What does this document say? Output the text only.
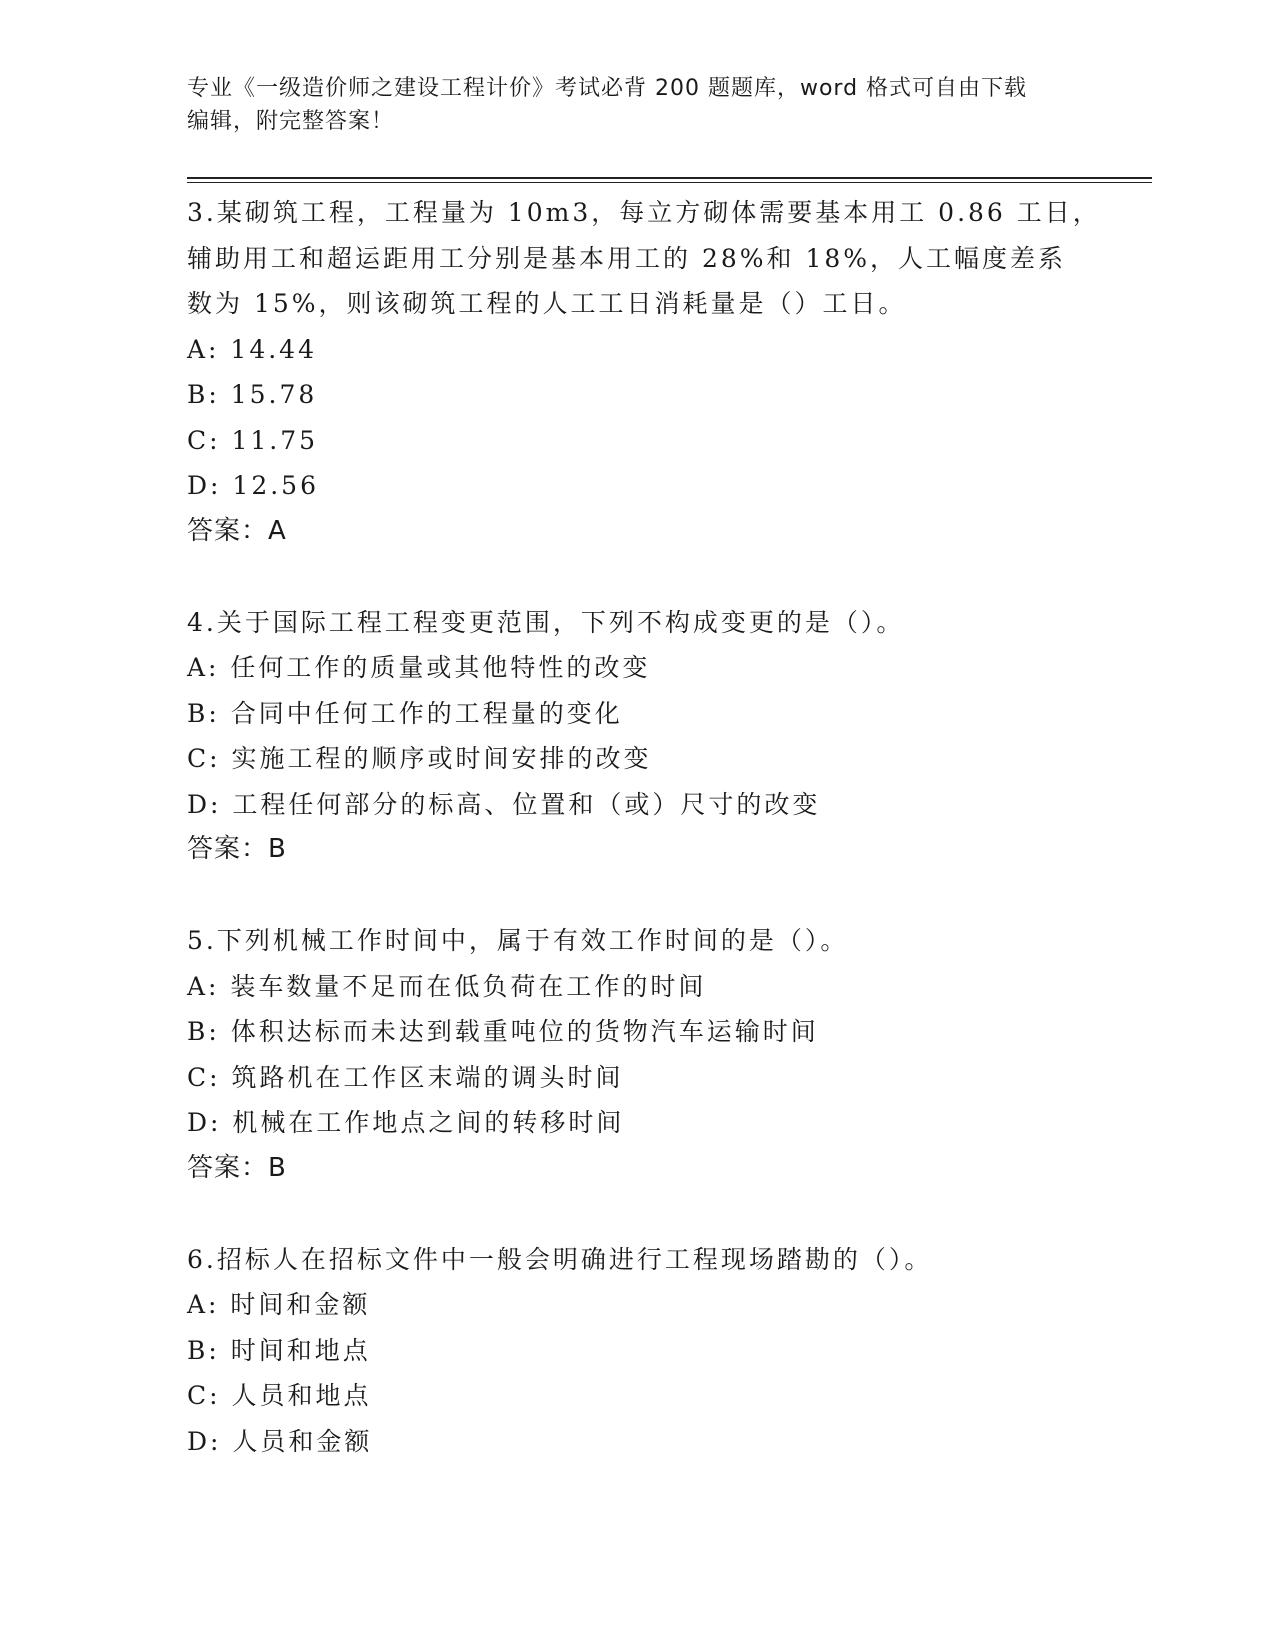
专业《一级造价师之建设工程计价》考试必背 200 题题库，word 格式可自由下载
编辑，附完整答案！
3.某砌筑工程，工程量为 10m3，每立方砌体需要基本用工 0.86 工日，
辅助用工和超运距用工分别是基本用工的 28%和 18%，人工幅度差系
数为 15%，则该砌筑工程的人工工日消耗量是（）工日。
A: 14.44
B: 15.78
C: 11.75
D: 12.56
答案：A
4.关于国际工程工程变更范围，下列不构成变更的是（）。
A: 任何工作的质量或其他特性的改变
B: 合同中任何工作的工程量的变化
C: 实施工程的顺序或时间安排的改变
D: 工程任何部分的标高、位置和（或）尺寸的改变
答案：B
5.下列机械工作时间中，属于有效工作时间的是（）。
A: 装车数量不足而在低负荷在工作的时间
B: 体积达标而未达到载重吨位的货物汽车运输时间
C: 筑路机在工作区末端的调头时间
D: 机械在工作地点之间的转移时间
答案：B
6.招标人在招标文件中一般会明确进行工程现场踏勘的（）。
A: 时间和金额
B: 时间和地点
C: 人员和地点
D: 人员和金额
